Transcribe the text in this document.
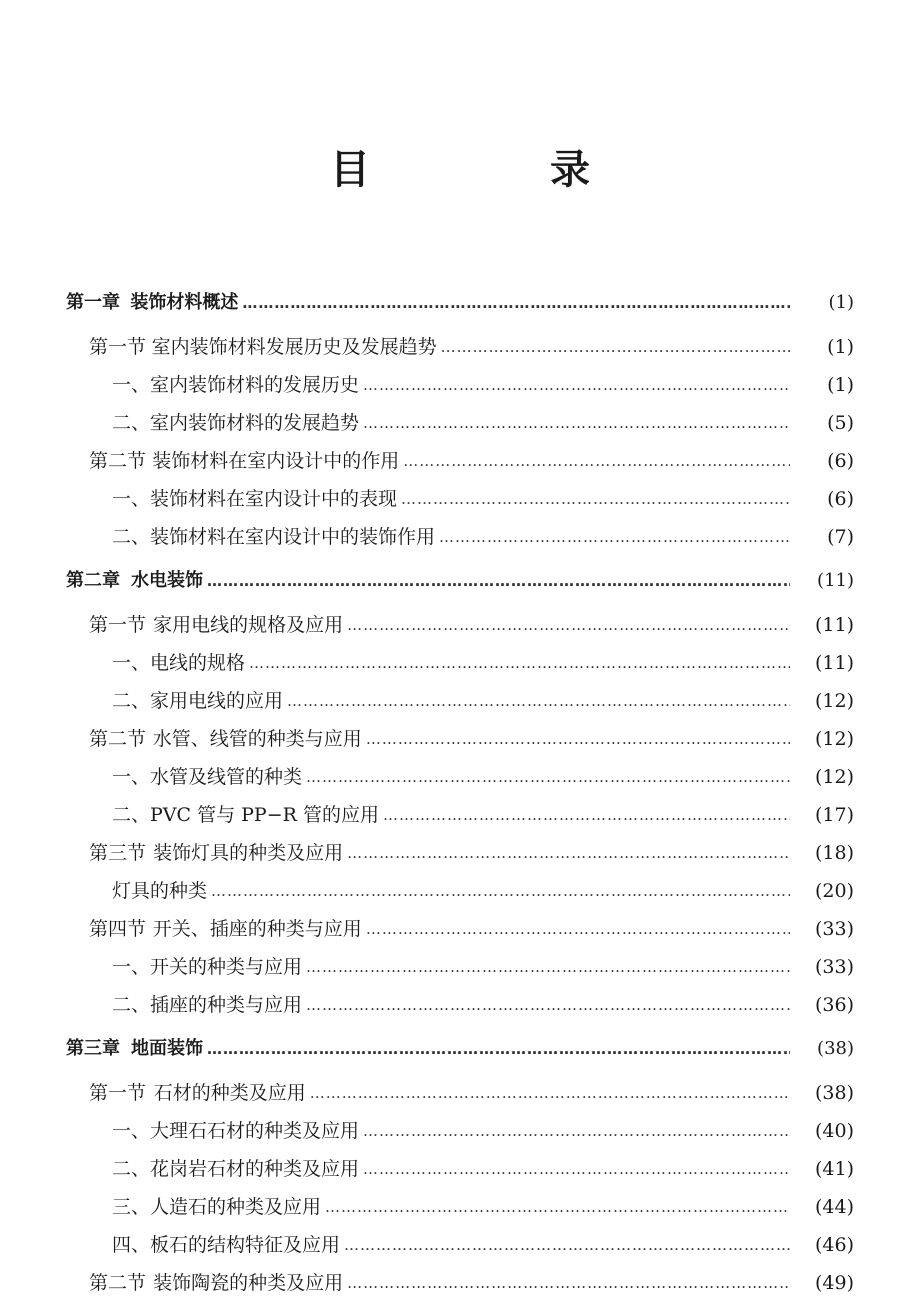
目　录
第一章 装饰材料概述 ……………………………………………………………………………………………………………………………………………………………………………………………………………………………………	(1)
第一节 室内装饰材料发展历史及发展趋势 ……………………………………………………………………………………………………………………………………………………………………………………………………………………………………	(1)
一、室内装饰材料的发展历史 ……………………………………………………………………………………………………………………………………………………………………………………………………………………………………	(1)
二、室内装饰材料的发展趋势 ……………………………………………………………………………………………………………………………………………………………………………………………………………………………………	(5)
第二节 装饰材料在室内设计中的作用 ……………………………………………………………………………………………………………………………………………………………………………………………………………………………………	(6)
一、装饰材料在室内设计中的表现 ……………………………………………………………………………………………………………………………………………………………………………………………………………………………………	(6)
二、装饰材料在室内设计中的装饰作用 ……………………………………………………………………………………………………………………………………………………………………………………………………………………………………	(7)
第二章 水电装饰 ……………………………………………………………………………………………………………………………………………………………………………………………………………………………………	(11)
第一节 家用电线的规格及应用 ……………………………………………………………………………………………………………………………………………………………………………………………………………………………………	(11)
一、电线的规格 ……………………………………………………………………………………………………………………………………………………………………………………………………………………………………	(11)
二、家用电线的应用 ……………………………………………………………………………………………………………………………………………………………………………………………………………………………………	(12)
第二节 水管、线管的种类与应用 ……………………………………………………………………………………………………………………………………………………………………………………………………………………………………	(12)
一、水管及线管的种类 ……………………………………………………………………………………………………………………………………………………………………………………………………………………………………	(12)
二、PVC 管与 PP−R 管的应用 ……………………………………………………………………………………………………………………………………………………………………………………………………………………………………	(17)
第三节 装饰灯具的种类及应用 ……………………………………………………………………………………………………………………………………………………………………………………………………………………………………	(18)
灯具的种类 ……………………………………………………………………………………………………………………………………………………………………………………………………………………………………	(20)
第四节 开关、插座的种类与应用 ……………………………………………………………………………………………………………………………………………………………………………………………………………………………………	(33)
一、开关的种类与应用 ……………………………………………………………………………………………………………………………………………………………………………………………………………………………………	(33)
二、插座的种类与应用 ……………………………………………………………………………………………………………………………………………………………………………………………………………………………………	(36)
第三章 地面装饰 ……………………………………………………………………………………………………………………………………………………………………………………………………………………………………	(38)
第一节 石材的种类及应用 ……………………………………………………………………………………………………………………………………………………………………………………………………………………………………	(38)
一、大理石石材的种类及应用 ……………………………………………………………………………………………………………………………………………………………………………………………………………………………………	(40)
二、花岗岩石材的种类及应用 ……………………………………………………………………………………………………………………………………………………………………………………………………………………………………	(41)
三、人造石的种类及应用 ……………………………………………………………………………………………………………………………………………………………………………………………………………………………………	(44)
四、板石的结构特征及应用 ……………………………………………………………………………………………………………………………………………………………………………………………………………………………………	(46)
第二节 装饰陶瓷的种类及应用 ……………………………………………………………………………………………………………………………………………………………………………………………………………………………………	(49)
